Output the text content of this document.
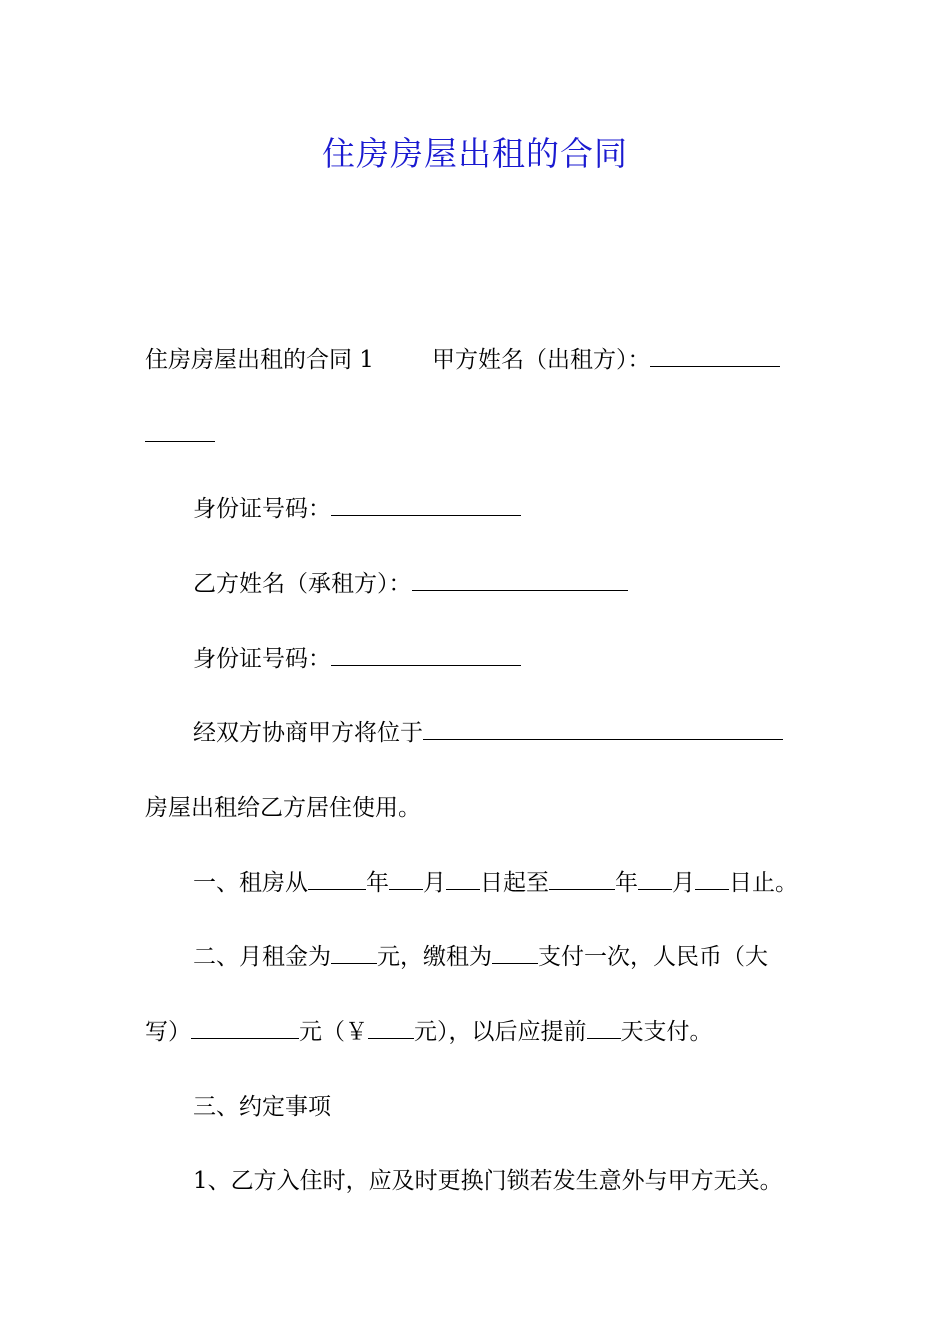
住房房屋出租的合同
住房房屋出租的合同 1	甲方姓名（出租方）：
身份证号码：
乙方姓名（承租方）：
身份证号码：
经双方协商甲方将位于
房屋出租给乙方居住使用。
一、租房从	年 月 日起至	年 月 日止。
二、月租金为 元，缴租为 支付一次，人民币（大
写）	元（￥ 元），以后应提前 天支付。
三、约定事项
1、乙方入住时，应及时更换门锁若发生意外与甲方无关。
